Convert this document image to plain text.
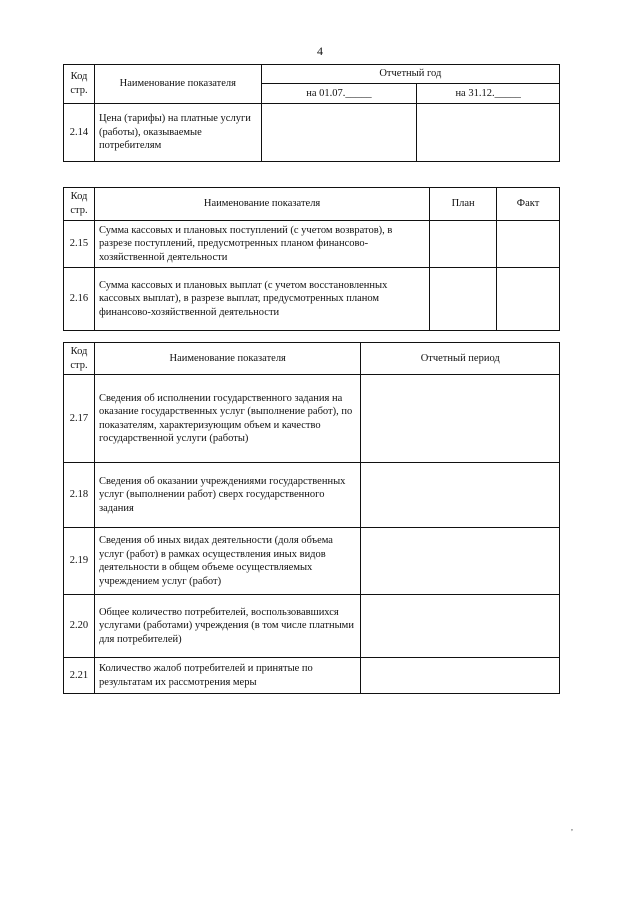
4
Код стр.	Наименование показателя	Отчетный год	
		на 01.07._____	на 31.12._____
2.14	Цена (тарифы) на платные услуги (работы), оказываемые потребителям		
Код стр.	Наименование показателя	План	Факт
2.15	Сумма кассовых и плановых поступлений (с учетом возвратов), в разрезе поступлений, предусмотренных планом финансово-хозяйственной деятельности		
2.16	Сумма кассовых и плановых выплат (с учетом восстановленных кассовых выплат), в разрезе выплат, предусмотренных планом финансово-хозяйственной деятельности		
Код стр.	Наименование показателя	Отчетный период
2.17	Сведения об исполнении государственного задания на оказание государственных услуг (выполнение работ), по показателям, характеризующим объем и качество государственной услуги (работы)	
2.18	Сведения об оказании учреждениями государственных услуг (выполнении работ) сверх государственного задания	
2.19	Сведения об иных видах деятельности (доля объема услуг (работ) в рамках осуществления иных видов деятельности в общем объеме осуществляемых учреждением услуг (работ)	
2.20	Общее количество потребителей, воспользовавшихся услугами (работами) учреждения (в том числе платными для потребителей)	
2.21	Количество жалоб потребителей и принятые по результатам их рассмотрения меры	
,
